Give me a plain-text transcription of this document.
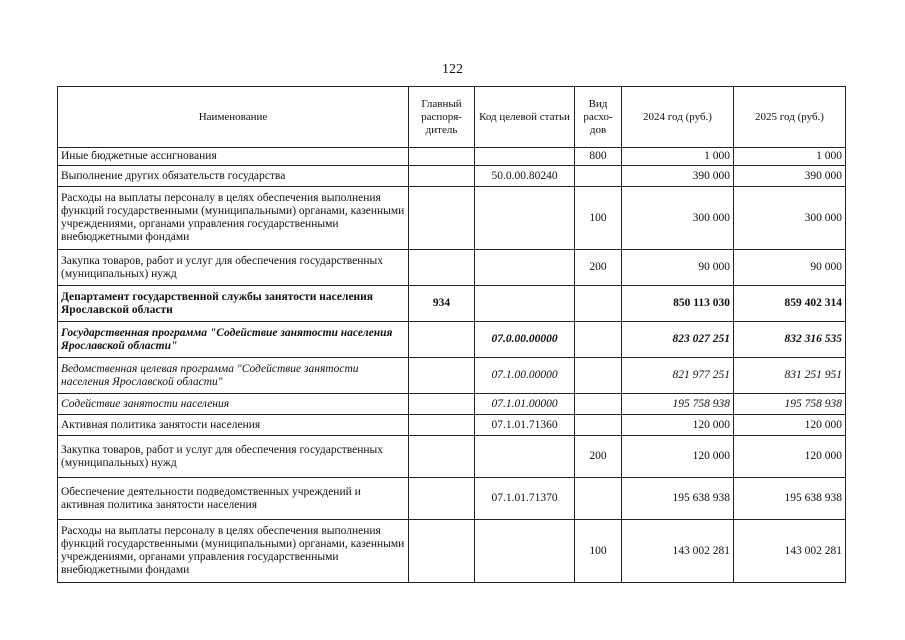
122
Наименование	Главный распоря-дитель	Код целевой статьи	Вид расхо-дов	2024 год (руб.)	2025 год (руб.)
Иные бюджетные ассигнования			800	1 000	1 000
Выполнение других обязательств государства		50.0.00.80240		390 000	390 000
Расходы на выплаты персоналу в целях обеспечения выполнения функций государственными (муниципальными) органами, казенными учреждениями, органами управления государственными внебюджетными фондами			100	300 000	300 000
Закупка товаров, работ и услуг для обеспечения государственных (муниципальных) нужд			200	90 000	90 000
Департамент государственной службы занятости населения Ярославской области	934			850 113 030	859 402 314
Государственная программа "Содействие занятости населения Ярославской области"		07.0.00.00000		823 027 251	832 316 535
Ведомственная целевая программа "Содействие занятости населения Ярославской области"		07.1.00.00000		821 977 251	831 251 951
Содействие занятости населения		07.1.01.00000		195 758 938	195 758 938
Активная политика занятости населения		07.1.01.71360		120 000	120 000
Закупка товаров, работ и услуг для обеспечения государственных (муниципальных) нужд			200	120 000	120 000
Обеспечение деятельности подведомственных учреждений и активная политика занятости населения		07.1.01.71370		195 638 938	195 638 938
Расходы на выплаты персоналу в целях обеспечения выполнения функций государственными (муниципальными) органами, казенными учреждениями, органами управления государственными внебюджетными фондами			100	143 002 281	143 002 281
